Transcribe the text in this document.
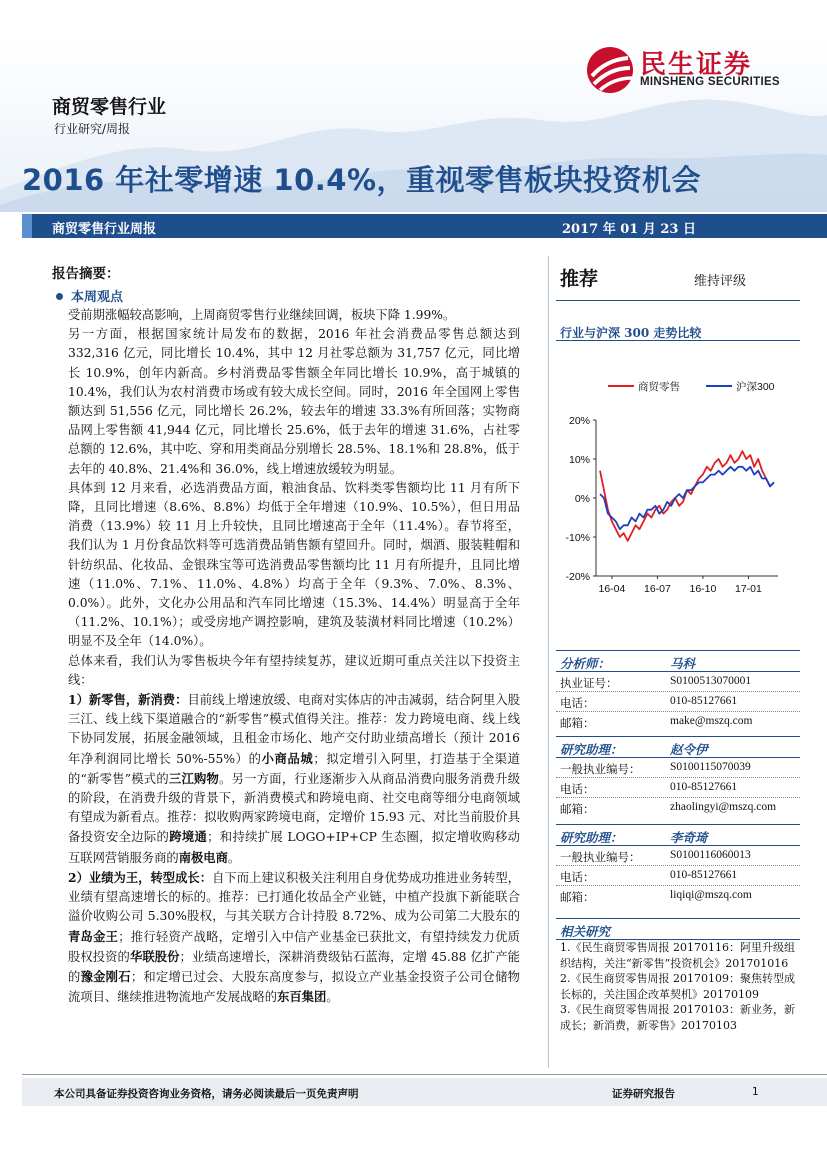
民生证券
MINSHENG SECURITIES
商贸零售行业
行业研究/周报
2016 年社零增速 10.4%，重视零售板块投资机会
商贸零售行业周报	2017 年 01 月 23 日
报告摘要：
本周观点

受前期涨幅较高影响，上周商贸零售行业继续回调，板块下降 1.99%。

另一方面，根据国家统计局发布的数据，2016 年社会消费品零售总额达到 332,316 亿元，同比增长 10.4%，其中 12 月社零总额为 31,757 亿元，同比增长 10.9%，创年内新高。乡村消费品零售额全年同比增长 10.9%，高于城镇的 10.4%，我们认为农村消费市场或有较大成长空间。同时，2016 年全国网上零售额达到 51,556 亿元，同比增长 26.2%，较去年的增速 33.3%有所回落；实物商品网上零售额 41,944 亿元，同比增长 25.6%，低于去年的增速 31.6%，占社零总额的 12.6%，其中吃、穿和用类商品分别增长 28.5%、18.1%和 28.8%，低于去年的 40.8%、21.4%和 36.0%，线上增速放缓较为明显。

具体到 12 月来看，必选消费品方面，粮油食品、饮料类零售额均比 11 月有所下降，且同比增速（8.6%、8.8%）均低于全年增速（10.9%、10.5%），但日用品消费（13.9%）较 11 月上升较快，且同比增速高于全年（11.4%）。春节将至，我们认为 1 月份食品饮料等可选消费品销售额有望回升。同时，烟酒、服装鞋帽和针纺织品、化妆品、金银珠宝等可选消费品零售额均比 11 月有所提升，且同比增速（11.0%、7.1%、11.0%、4.8%）均高于全年（9.3%、7.0%、8.3%、0.0%）。此外，文化办公用品和汽车同比增速（15.3%、14.4%）明显高于全年（11.2%、10.1%）；或受房地产调控影响，建筑及装潢材料同比增速（10.2%）明显不及全年（14.0%）。

总体来看，我们认为零售板块今年有望持续复苏，建议近期可重点关注以下投资主线：

1）新零售，新消费：目前线上增速放缓、电商对实体店的冲击减弱，结合阿里入股三江、线上线下渠道融合的“新零售”模式值得关注。推荐：发力跨境电商、线上线下协同发展，拓展金融领域，且租金市场化、地产交付助业绩高增长（预计 2016 年净利润同比增长 50%-55%）的小商品城；拟定增引入阿里，打造基于全渠道的“新零售”模式的三江购物。另一方面，行业逐渐步入从商品消费向服务消费升级的阶段，在消费升级的背景下，新消费模式和跨境电商、社交电商等细分电商领域有望成为新看点。推荐：拟收购两家跨境电商，定增价 15.93 元、对比当前股价具备投资安全边际的跨境通；和持续扩展 LOGO+IP+CP 生态圈，拟定增收购移动互联网营销服务商的南极电商。

2）业绩为王，转型成长：自下而上建议积极关注利用自身优势成功推进业务转型，业绩有望高速增长的标的。推荐：已打通化妆品全产业链，中植产投旗下新能联合溢价收购公司 5.30%股权，与其关联方合计持股 8.72%、成为公司第二大股东的青岛金王；推行轻资产战略，定增引入中信产业基金已获批文，有望持续发力优质股权投资的华联股份；业绩高速增长，深耕消费级钻石蓝海，定增 45.88 亿扩产能的豫金刚石；和定增已过会、大股东高度参与，拟设立产业基金投资子公司仓储物流项目、继续推进物流地产发展战略的东百集团。

推荐	维持评级
行业与沪深 300 走势比较
20%
10%
0%
-10%
-20%
16-04 16-07 16-10 17-01
商贸零售	沪深300
分析师：	马科
执业证号：	S0100513070001
电话：	010-85127661
邮箱：	make@mszq.com
研究助理：	赵令伊
一般执业编号：	S0100115070039
电话：	010-85127661
邮箱：	zhaolingyi@mszq.com
研究助理：	李奇琦
一般执业编号：	S0100116060013
电话：	010-85127661
邮箱：	liqiqi@mszq.com
相关研究
1.《民生商贸零售周报 20170116：阿里升级组织结构，关注“新零售”投资机会》201701016
2.《民生商贸零售周报 20170109：聚焦转型成长标的，关注国企改革契机》20170109
3.《民生商贸零售周报 20170103：新业务，新成长；新消费，新零售》20170103
本公司具备证券投资咨询业务资格，请务必阅读最后一页免责声明	证券研究报告	1
